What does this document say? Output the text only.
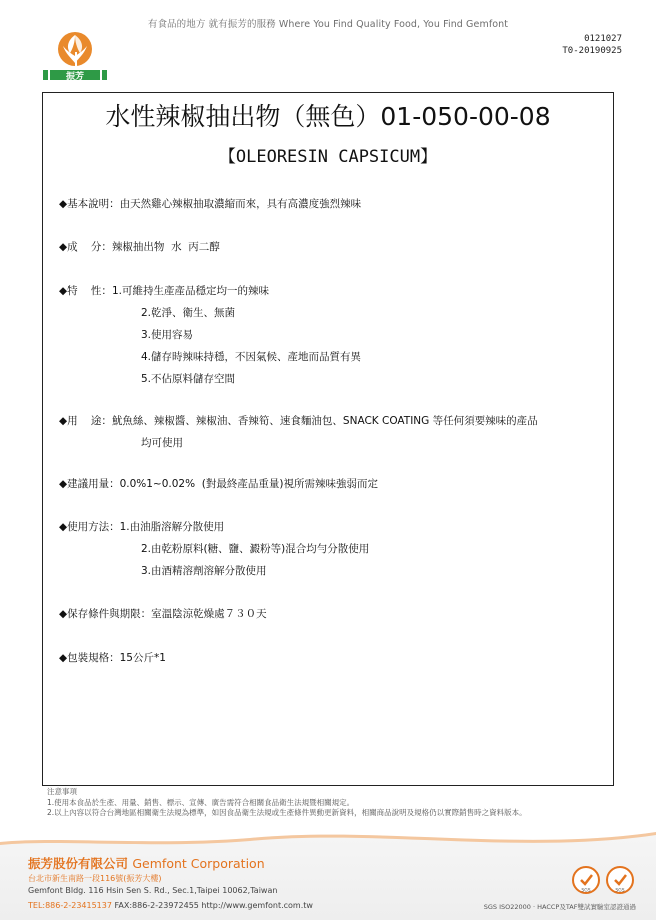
有食品的地方 就有振芳的服務 Where You Find Quality Food, You Find Gemfont
振芳
0121027
T0-20190925
水性辣椒抽出物（無色）01-050-00-08
【OLEORESIN CAPSICUM】
◆基本說明： 由天然雞心辣椒抽取濃縮而來，具有高濃度強烈辣味
◆成    分： 辣椒抽出物  水  丙二醇
◆特    性： 1.可維持生產產品穩定均一的辣味
2.乾淨、衛生、無菌
3.使用容易
4.儲存時辣味持穩，不因氣候、產地而品質有異
5.不佔原料儲存空間
◆用    途： 魷魚絲、辣椒醬、辣椒油、香辣筍、速食麵油包、SNACK COATING 等任何須要辣味的產品
均可使用
◆建議用量： 0.0%1~0.02%  (對最終產品重量)視所需辣味強弱而定
◆使用方法： 1.由油脂溶解分散使用
2.由乾粉原料(糖、鹽、澱粉等)混合均勻分散使用
3.由酒精溶劑溶解分散使用
◆保存條件與期限： 室溫陰涼乾燥處７３０天
◆包裝規格： 15公斤*1
注意事項
1.使用本食品於生產、用量、銷售、標示、宣傳、廣告需符合相關食品衛生法規暨相關規定。
2.以上內容以符合台灣地區相關衛生法規為標準，如因食品衛生法規或生產條件異動更新資料，相關商品說明及規格仍以實際銷售時之資料版本。
振芳股份有限公司 Gemfont Corporation
台北市新生南路一段116號(振芳大樓)
Gemfont Bldg. 116 Hsin Sen S. Rd., Sec.1,Taipei 10062,Taiwan
TEL:886-2-23415137 FAX:886-2-23972455 http://www.gemfont.com.tw
SGS	SGS
SGS ISO22000 · HACCP及TAF雙試實驗室認證通過
